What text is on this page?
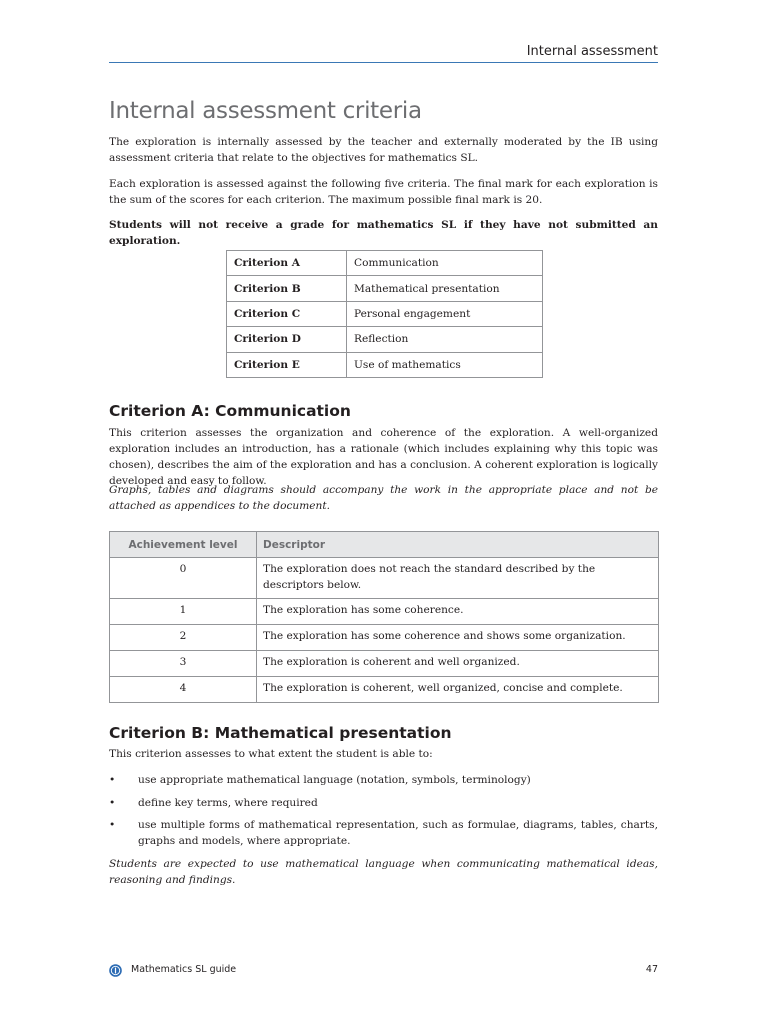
Internal assessment
Internal assessment criteria

The exploration is internally assessed by the teacher and externally moderated by the IB using assessment criteria that relate to the objectives for mathematics SL.

Each exploration is assessed against the following five criteria. The final mark for each exploration is the sum of the scores for each criterion. The maximum possible final mark is 20.

Students will not receive a grade for mathematics SL if they have not submitted an exploration.

Criterion A	Communication
Criterion B	Mathematical presentation
Criterion C	Personal engagement
Criterion D	Reflection
Criterion E	Use of mathematics
Criterion A: Communication

This criterion assesses the organization and coherence of the exploration. A well-organized exploration includes an introduction, has a rationale (which includes explaining why this topic was chosen), describes the aim of the exploration and has a conclusion. A coherent exploration is logically developed and easy to follow.

Graphs, tables and diagrams should accompany the work in the appropriate place and not be attached as appendices to the document.

Achievement level	Descriptor
0	The exploration does not reach the standard described by the descriptors below.
1	The exploration has some coherence.
2	The exploration has some coherence and shows some organization.
3	The exploration is coherent and well organized.
4	The exploration is coherent, well organized, concise and complete.
Criterion B: Mathematical presentation

This criterion assesses to what extent the student is able to:

• use appropriate mathematical language (notation, symbols, terminology)
• define key terms, where required
• use multiple forms of mathematical representation, such as formulae, diagrams, tables, charts, graphs and models, where appropriate.

Students are expected to use mathematical language when communicating mathematical ideas, reasoning and findings.

Mathematics SL guide	47
